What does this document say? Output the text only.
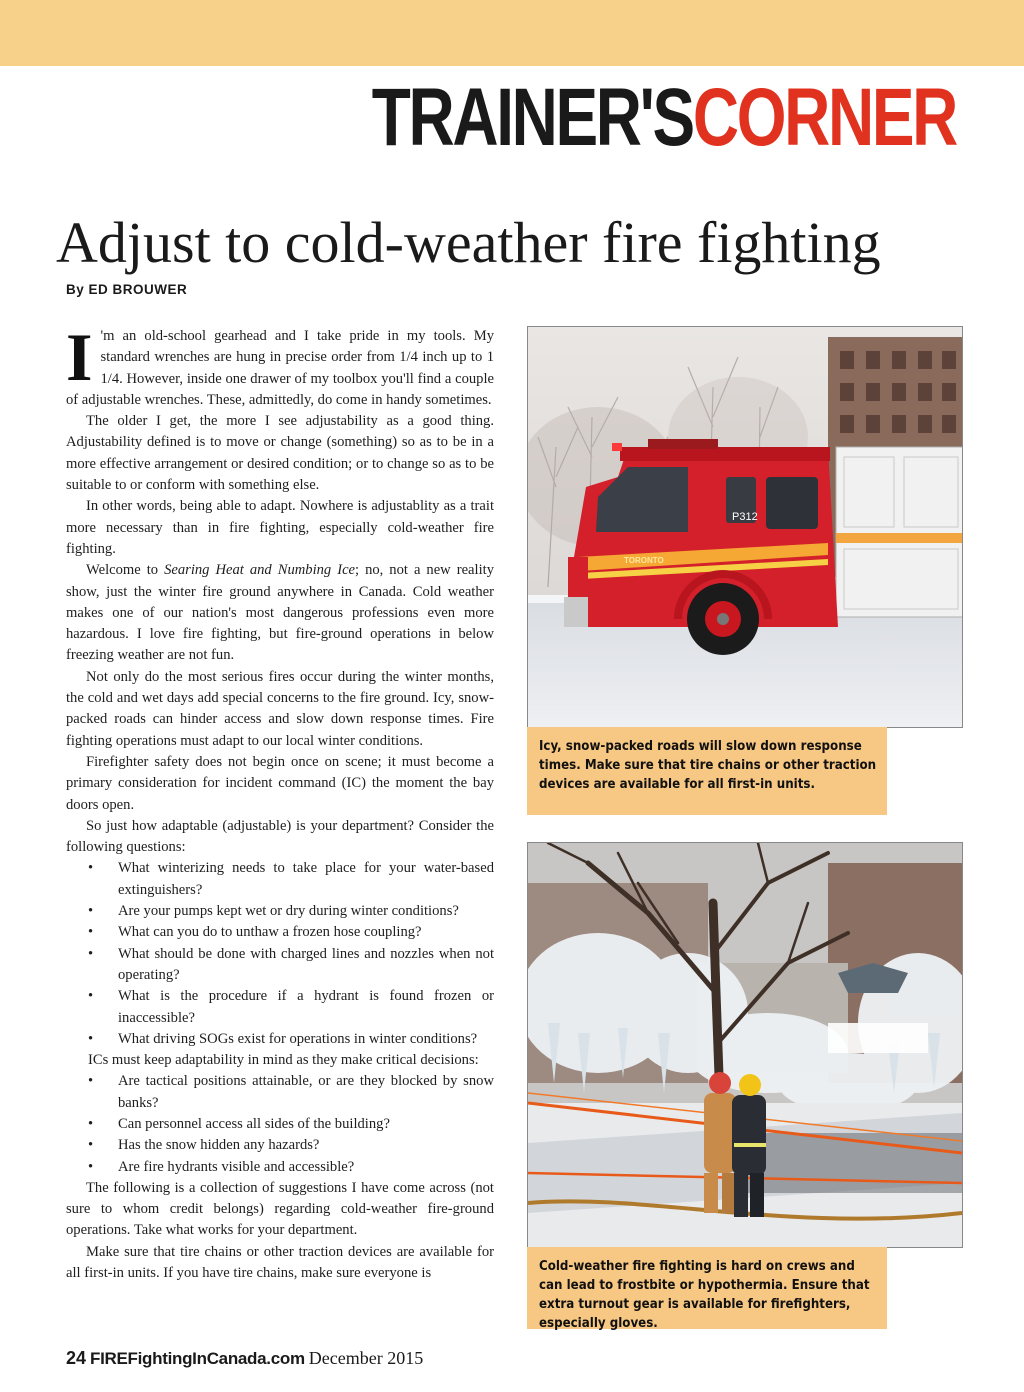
TRAINER'SCORNER
Adjust to cold-weather fire fighting
By ED BROUWER

I 'm an old-school gearhead and I take pride in my tools. My standard wrenches are hung in precise order from 1/4 inch up to 1 1/4. However, inside one drawer of my toolbox you'll find a couple of adjustable wrenches. These, admittedly, do come in handy sometimes.

The older I get, the more I see adjustability as a good thing. Adjustability defined is to move or change (something) so as to be in a more effective arrangement or desired condition; or to change so as to be suitable to or conform with something else.

In other words, being able to adapt. Nowhere is adjustablity as a trait more necessary than in fire fighting, especially cold-weather fire fighting.

Welcome to Searing Heat and Numbing Ice; no, not a new reality show, just the winter fire ground anywhere in Canada. Cold weather makes one of our nation's most dangerous professions even more hazardous. I love fire fighting, but fire-ground operations in below freezing weather are not fun.

Not only do the most serious fires occur during the winter months, the cold and wet days add special concerns to the fire ground. Icy, snow-packed roads can hinder access and slow down response times. Fire fighting operations must adapt to our local winter conditions.

Firefighter safety does not begin once on scene; it must become a primary consideration for incident command (IC) the moment the bay doors open.

So just how adaptable (adjustable) is your department? Consider the following questions:

• What winterizing needs to take place for your water-based extinguishers?
• Are your pumps kept wet or dry during winter conditions?
• What can you do to unthaw a frozen hose coupling?
• What should be done with charged lines and nozzles when not operating?
• What is the procedure if a hydrant is found frozen or inaccessible?
• What driving SOGs exist for operations in winter conditions?

ICs must keep adaptability in mind as they make critical decisions:

• Are tactical positions attainable, or are they blocked by snow banks?
• Can personnel access all sides of the building?
• Has the snow hidden any hazards?
• Are fire hydrants visible and accessible?

The following is a collection of suggestions I have come across (not sure to whom credit belongs) regarding cold-weather fire-ground operations. Take what works for your department.

Make sure that tire chains or other traction devices are available for all first-in units. If you have tire chains, make sure everyone is

P312
TORONTO
Icy, snow-packed roads will slow down response times. Make sure that tire chains or other traction devices are available for all first-in units.
Cold-weather fire fighting is hard on crews and can lead to frostbite or hypothermia. Ensure that extra turnout gear is available for firefighters, especially gloves.
24 FIREFightingInCanada.com December 2015
